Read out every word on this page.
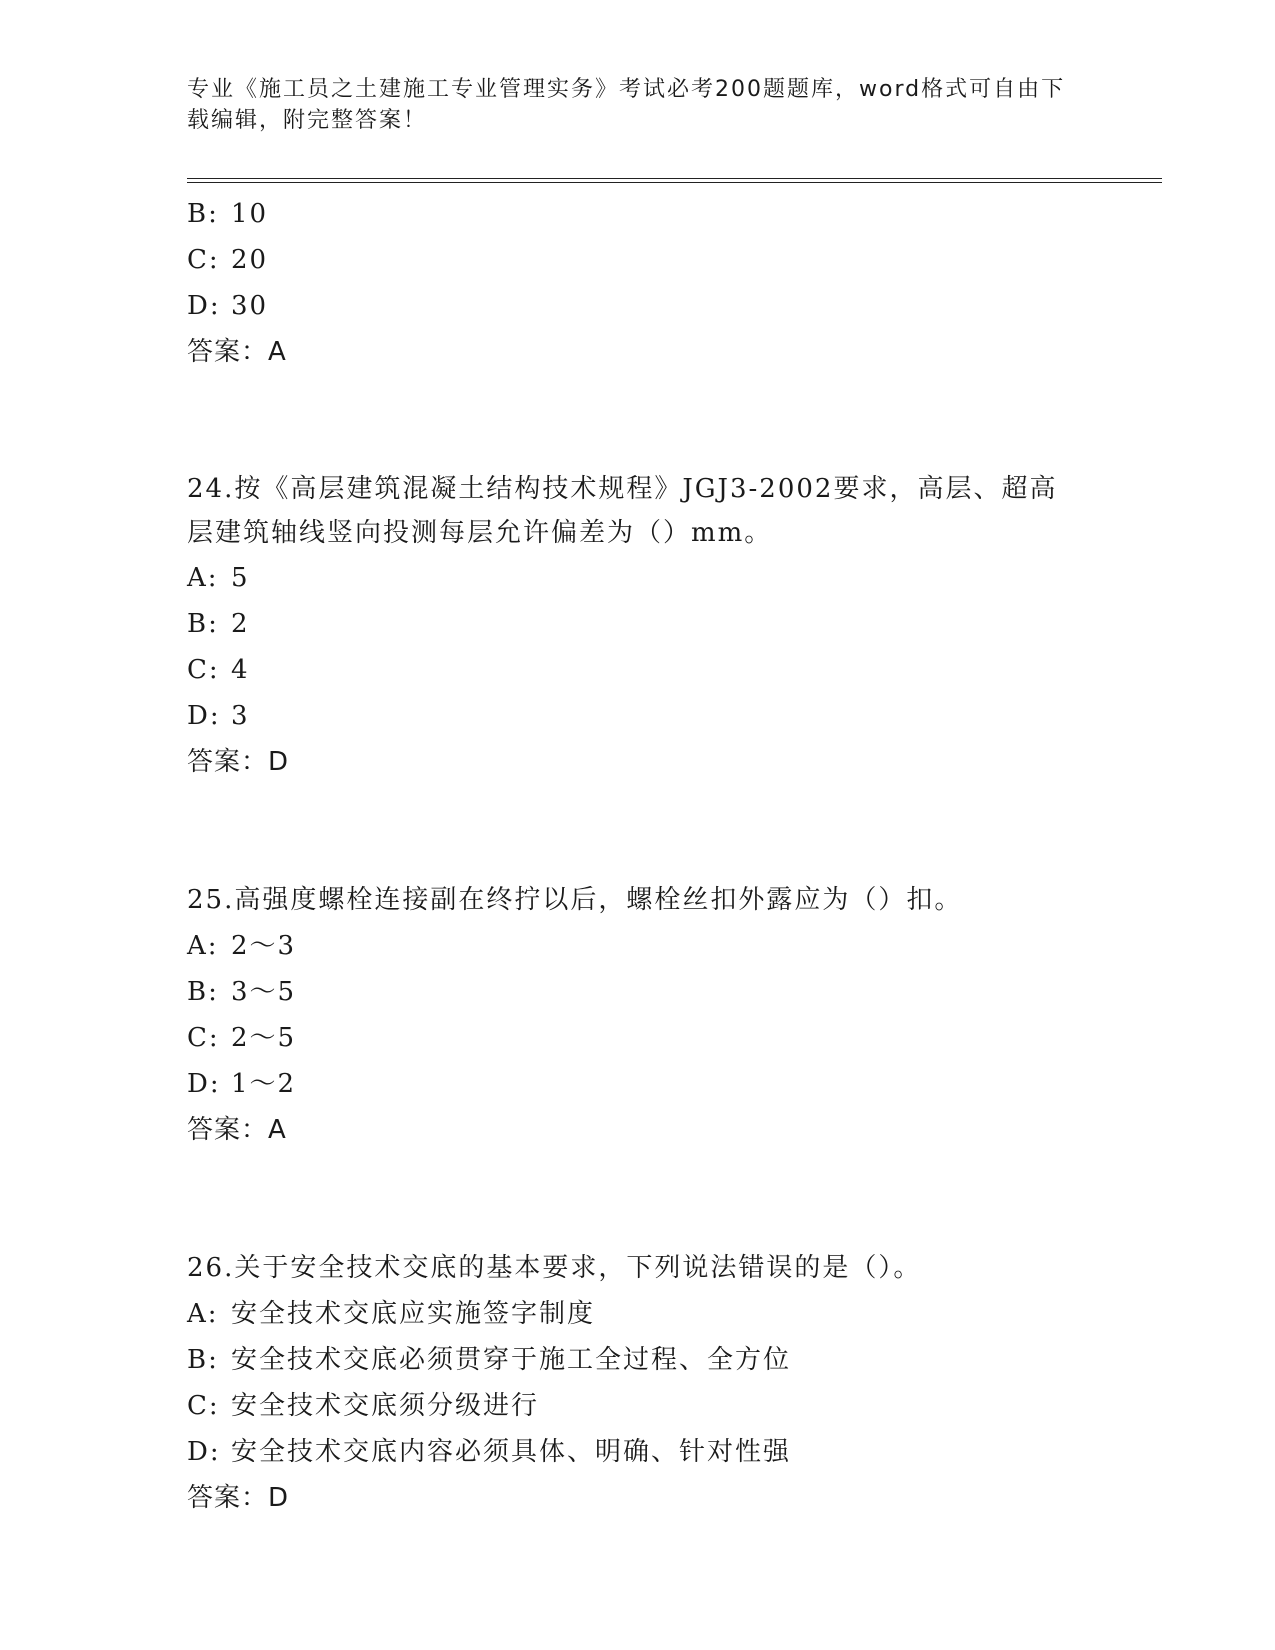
专业《施工员之土建施工专业管理实务》考试必考200题题库，word格式可自由下载编辑，附完整答案！
B: 10
C: 20
D: 30
答案：A
24.按《高层建筑混凝土结构技术规程》JGJ3-2002要求，高层、超高层建筑轴线竖向投测每层允许偏差为（）mm。
A: 5
B: 2
C: 4
D: 3
答案：D
25.高强度螺栓连接副在终拧以后，螺栓丝扣外露应为（）扣。
A: 2～3
B: 3～5
C: 2～5
D: 1～2
答案：A
26.关于安全技术交底的基本要求，下列说法错误的是（）。
A: 安全技术交底应实施签字制度
B: 安全技术交底必须贯穿于施工全过程、全方位
C: 安全技术交底须分级进行
D: 安全技术交底内容必须具体、明确、针对性强
答案：D
